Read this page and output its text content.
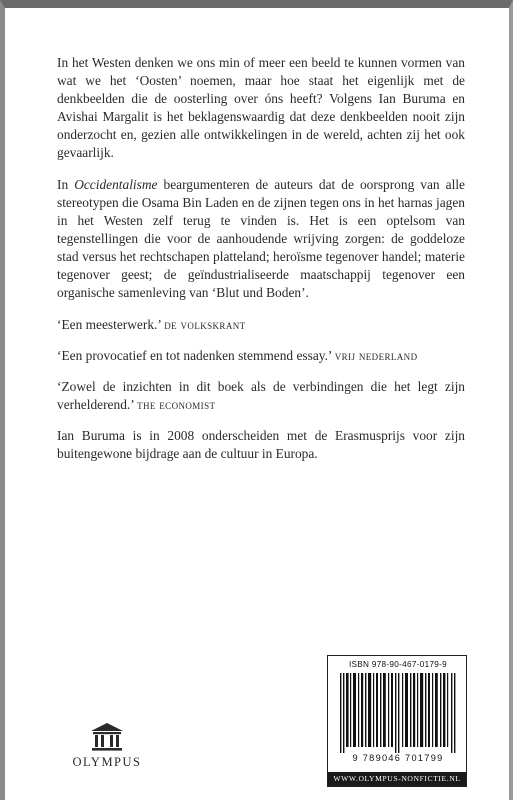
In het Westen denken we ons min of meer een beeld te kunnen vormen van wat we het ‘Oosten’ noemen, maar hoe staat het eigenlijk met de denkbeelden die de oosterling over óns heeft? Volgens Ian Buruma en Avishai Margalit is het beklagenswaardig dat deze denkbeelden nooit zijn onderzocht en, gezien alle ontwikkelingen in de wereld, achten zij het ook gevaarlijk.

In Occidentalisme beargumenteren de auteurs dat de oorsprong van alle stereotypen die Osama Bin Laden en de zijnen tegen ons in het harnas jagen in het Westen zelf terug te vinden is. Het is een optelsom van tegenstellingen die voor de aanhoudende wrijving zorgen: de goddeloze stad versus het rechtschapen platteland; heroïsme tegenover handel; materie tegenover geest; de geïndustrialiseerde maatschappij tegenover een organische samenleving van ‘Blut und Boden’.

‘Een meesterwerk.’ de volkskrant

‘Een provocatief en tot nadenken stemmend essay.’ vrij nederland

‘Zowel de inzichten in dit boek als de verbindingen die het legt zijn verhelderend.’ the economist

Ian Buruma is in 2008 onderscheiden met de Erasmusprijs voor zijn buitengewone bijdrage aan de cultuur in Europa.

OLYMPUS
ISBN 978-90-467-0179-9
9 789046 701799
WWW.OLYMPUS-NONFICTIE.NL
